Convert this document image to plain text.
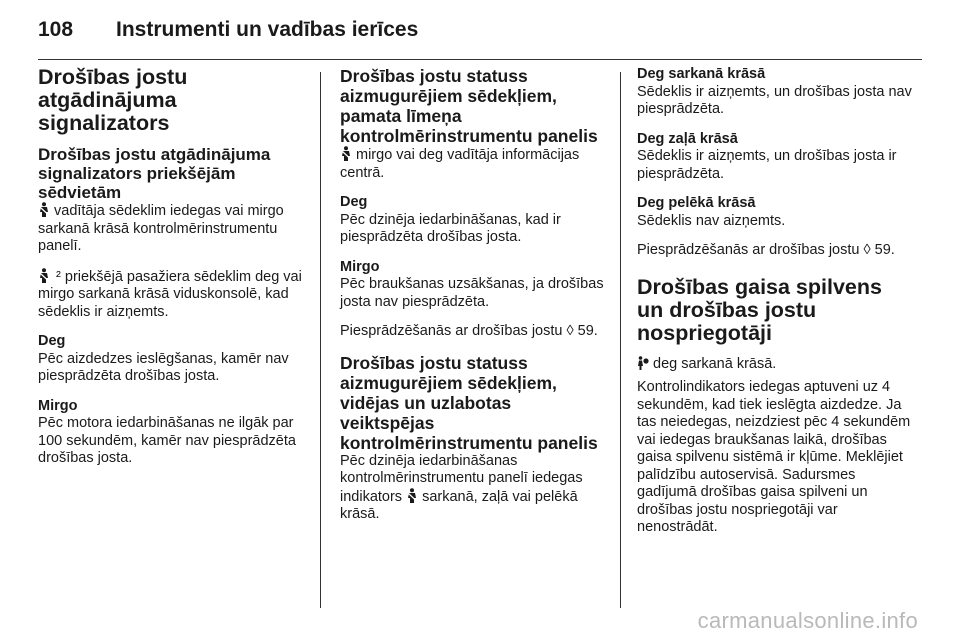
108 Instrumenti un vadības ierīces
Drošības jostu atgādinājuma signalizators
Drošības jostu atgādinājuma signalizators priekšējām sēdvietām

vadītāja sēdeklim iedegas vai mirgo sarkanā krāsā kontrolmērinstrumentu panelī.

² priekšējā pasažiera sēdeklim deg vai mirgo sarkanā krāsā viduskonsolē, kad sēdeklis ir aizņemts.

Deg

Pēc aizdedzes ieslēgšanas, kamēr nav piesprādzēta drošības josta.

Mirgo

Pēc motora iedarbināšanas ne ilgāk par 100 sekundēm, kamēr nav piesprādzēta drošības josta.

Drošības jostu statuss aizmugurējiem sēdekļiem, pamata līmeņa kontrolmērinstrumentu panelis

mirgo vai deg vadītāja informācijas centrā.

Deg

Pēc dzinēja iedarbināšanas, kad ir piesprādzēta drošības josta.

Mirgo

Pēc braukšanas uzsākšanas, ja drošības josta nav piesprādzēta.

Piesprādzēšanās ar drošības jostu ◊ 59.

Drošības jostu statuss aizmugurējiem sēdekļiem, vidējas un uzlabotas veiktspējas kontrolmērinstrumentu panelis

Pēc dzinēja iedarbināšanas kontrolmērinstrumentu panelī iedegas indikators sarkanā, zaļā vai pelēkā krāsā.

Deg sarkanā krāsā

Sēdeklis ir aizņemts, un drošības josta nav piesprādzēta.

Deg zaļā krāsā

Sēdeklis ir aizņemts, un drošības josta ir piesprādzēta.

Deg pelēkā krāsā

Sēdeklis nav aizņemts.

Piesprādzēšanās ar drošības jostu ◊ 59.

Drošības gaisa spilvens un drošības jostu nospriegotāji

deg sarkanā krāsā.

Kontrolindikators iedegas aptuveni uz 4 sekundēm, kad tiek ieslēgta aizdedze. Ja tas neiedegas, neizdziest pēc 4 sekundēm vai iedegas braukšanas laikā, drošības gaisa spilvenu sistēmā ir kļūme. Meklējiet palīdzību autoservisā. Sadursmes gadījumā drošības gaisa spilveni un drošības jostu nospriegotāji var nenostrādāt.

carmanualsonline.info
